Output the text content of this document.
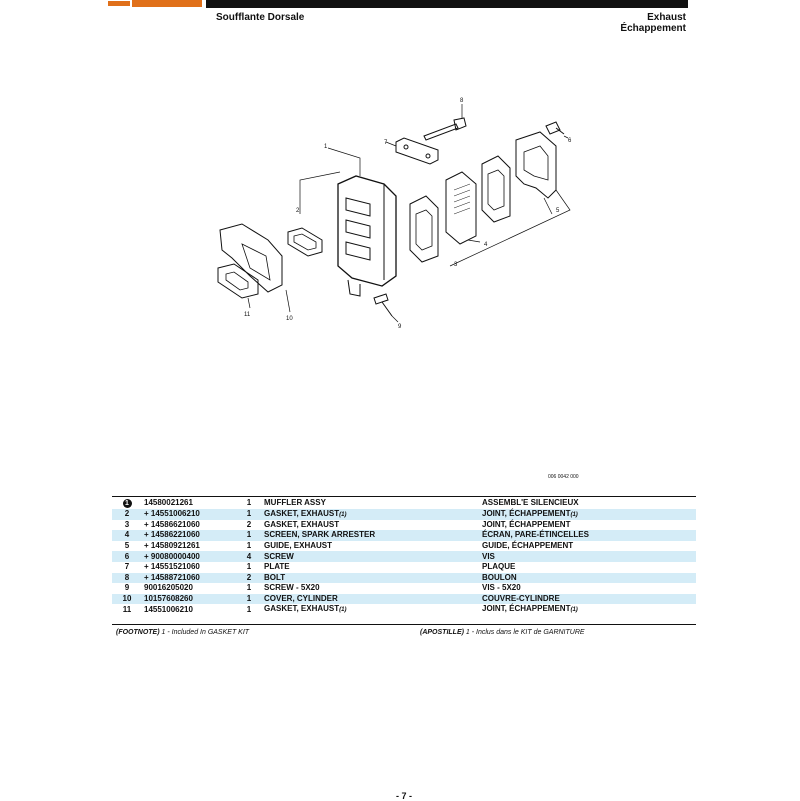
Soufflante Dorsale	Exhaust
Échappement
1
2
3
4
5
6
7
8
9
10
11
006 0042 000
1	14580021261	1	MUFFLER ASSY	ASSEMBL'E SILENCIEUX
2	+ 14551006210	1	GASKET, EXHAUST(1)	JOINT, ÉCHAPPEMENT(1)
3	+ 14586621060	2	GASKET, EXHAUST	JOINT, ÉCHAPPEMENT
4	+ 14586221060	1	SCREEN, SPARK ARRESTER	ÉCRAN, PARE-ÉTINCELLES
5	+ 14580921261	1	GUIDE, EXHAUST	GUIDE, ÉCHAPPEMENT
6	+ 90080000400	4	SCREW	VIS
7	+ 14551521060	1	PLATE	PLAQUE
8	+ 14588721060	2	BOLT	BOULON
9	90016205020	1	SCREW - 5X20	VIS - 5X20
10	10157608260	1	COVER, CYLINDER	COUVRE-CYLINDRE
11	14551006210	1	GASKET, EXHAUST(1)	JOINT, ÉCHAPPEMENT(1)
(FOOTNOTE) 1 - Included In GASKET KIT	(APOSTILLE) 1 - Inclus dans le KIT de GARNITURE
- 7 -
